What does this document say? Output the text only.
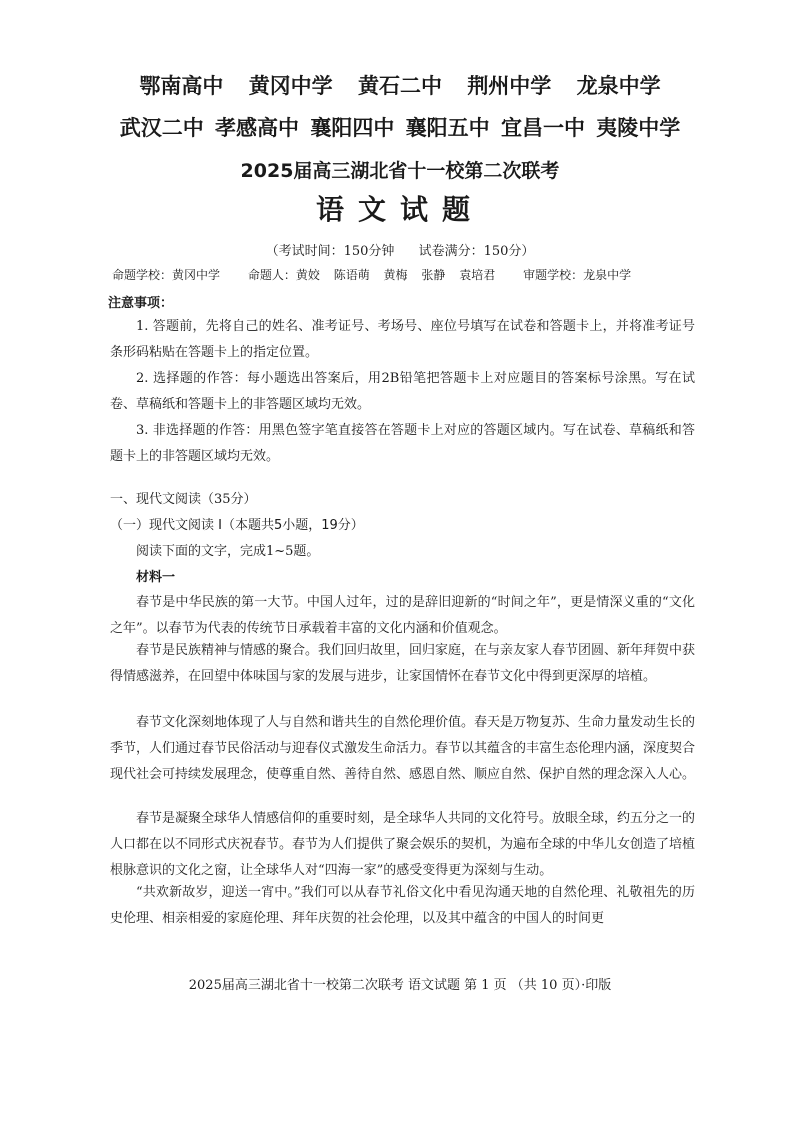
鄂南高中 黄冈中学 黄石二中 荆州中学 龙泉中学
武汉二中 孝感高中 襄阳四中 襄阳五中 宜昌一中 夷陵中学
2025届高三湖北省十一校第二次联考
语文试题
（考试时间：150分钟 试卷满分：150分）
命题学校：黄冈中学 命题人：黄姣 陈语萌 黄梅 张静 袁培君 审题学校：龙泉中学
注意事项：

1. 答题前，先将自己的姓名、准考证号、考场号、座位号填写在试卷和答题卡上，并将准考证号条形码粘贴在答题卡上的指定位置。

2. 选择题的作答：每小题选出答案后，用2B铅笔把答题卡上对应题目的答案标号涂黑。写在试卷、草稿纸和答题卡上的非答题区域均无效。

3. 非选择题的作答：用黑色签字笔直接答在答题卡上对应的答题区域内。写在试卷、草稿纸和答题卡上的非答题区域均无效。

一、现代文阅读（35分）
（一）现代文阅读 I（本题共5小题，19分）
阅读下面的文字，完成1~5题。
材料一

春节是中华民族的第一大节。中国人过年，过的是辞旧迎新的“时间之年”，更是情深义重的“文化之年”。以春节为代表的传统节日承载着丰富的文化内涵和价值观念。

春节是民族精神与情感的聚合。我们回归故里，回归家庭，在与亲友家人春节团圆、新年拜贺中获得情感滋养，在回望中体味国与家的发展与进步，让家国情怀在春节文化中得到更深厚的培植。

春节文化深刻地体现了人与自然和谐共生的自然伦理价值。春天是万物复苏、生命力量发动生长的季节，人们通过春节民俗活动与迎春仪式激发生命活力。春节以其蕴含的丰富生态伦理内涵，深度契合现代社会可持续发展理念，使尊重自然、善待自然、感恩自然、顺应自然、保护自然的理念深入人心。

春节是凝聚全球华人情感信仰的重要时刻，是全球华人共同的文化符号。放眼全球，约五分之一的人口都在以不同形式庆祝春节。春节为人们提供了聚会娱乐的契机，为遍布全球的中华儿女创造了培植根脉意识的文化之窗，让全球华人对“四海一家”的感受变得更为深刻与生动。

“共欢新故岁，迎送一宵中。”我们可以从春节礼俗文化中看见沟通天地的自然伦理、礼敬祖先的历史伦理、相亲相爱的家庭伦理、拜年庆贺的社会伦理，以及其中蕴含的中国人的时间更

2025届高三湖北省十一校第二次联考 语文试题 第 1 页 （共 10 页）·印版
